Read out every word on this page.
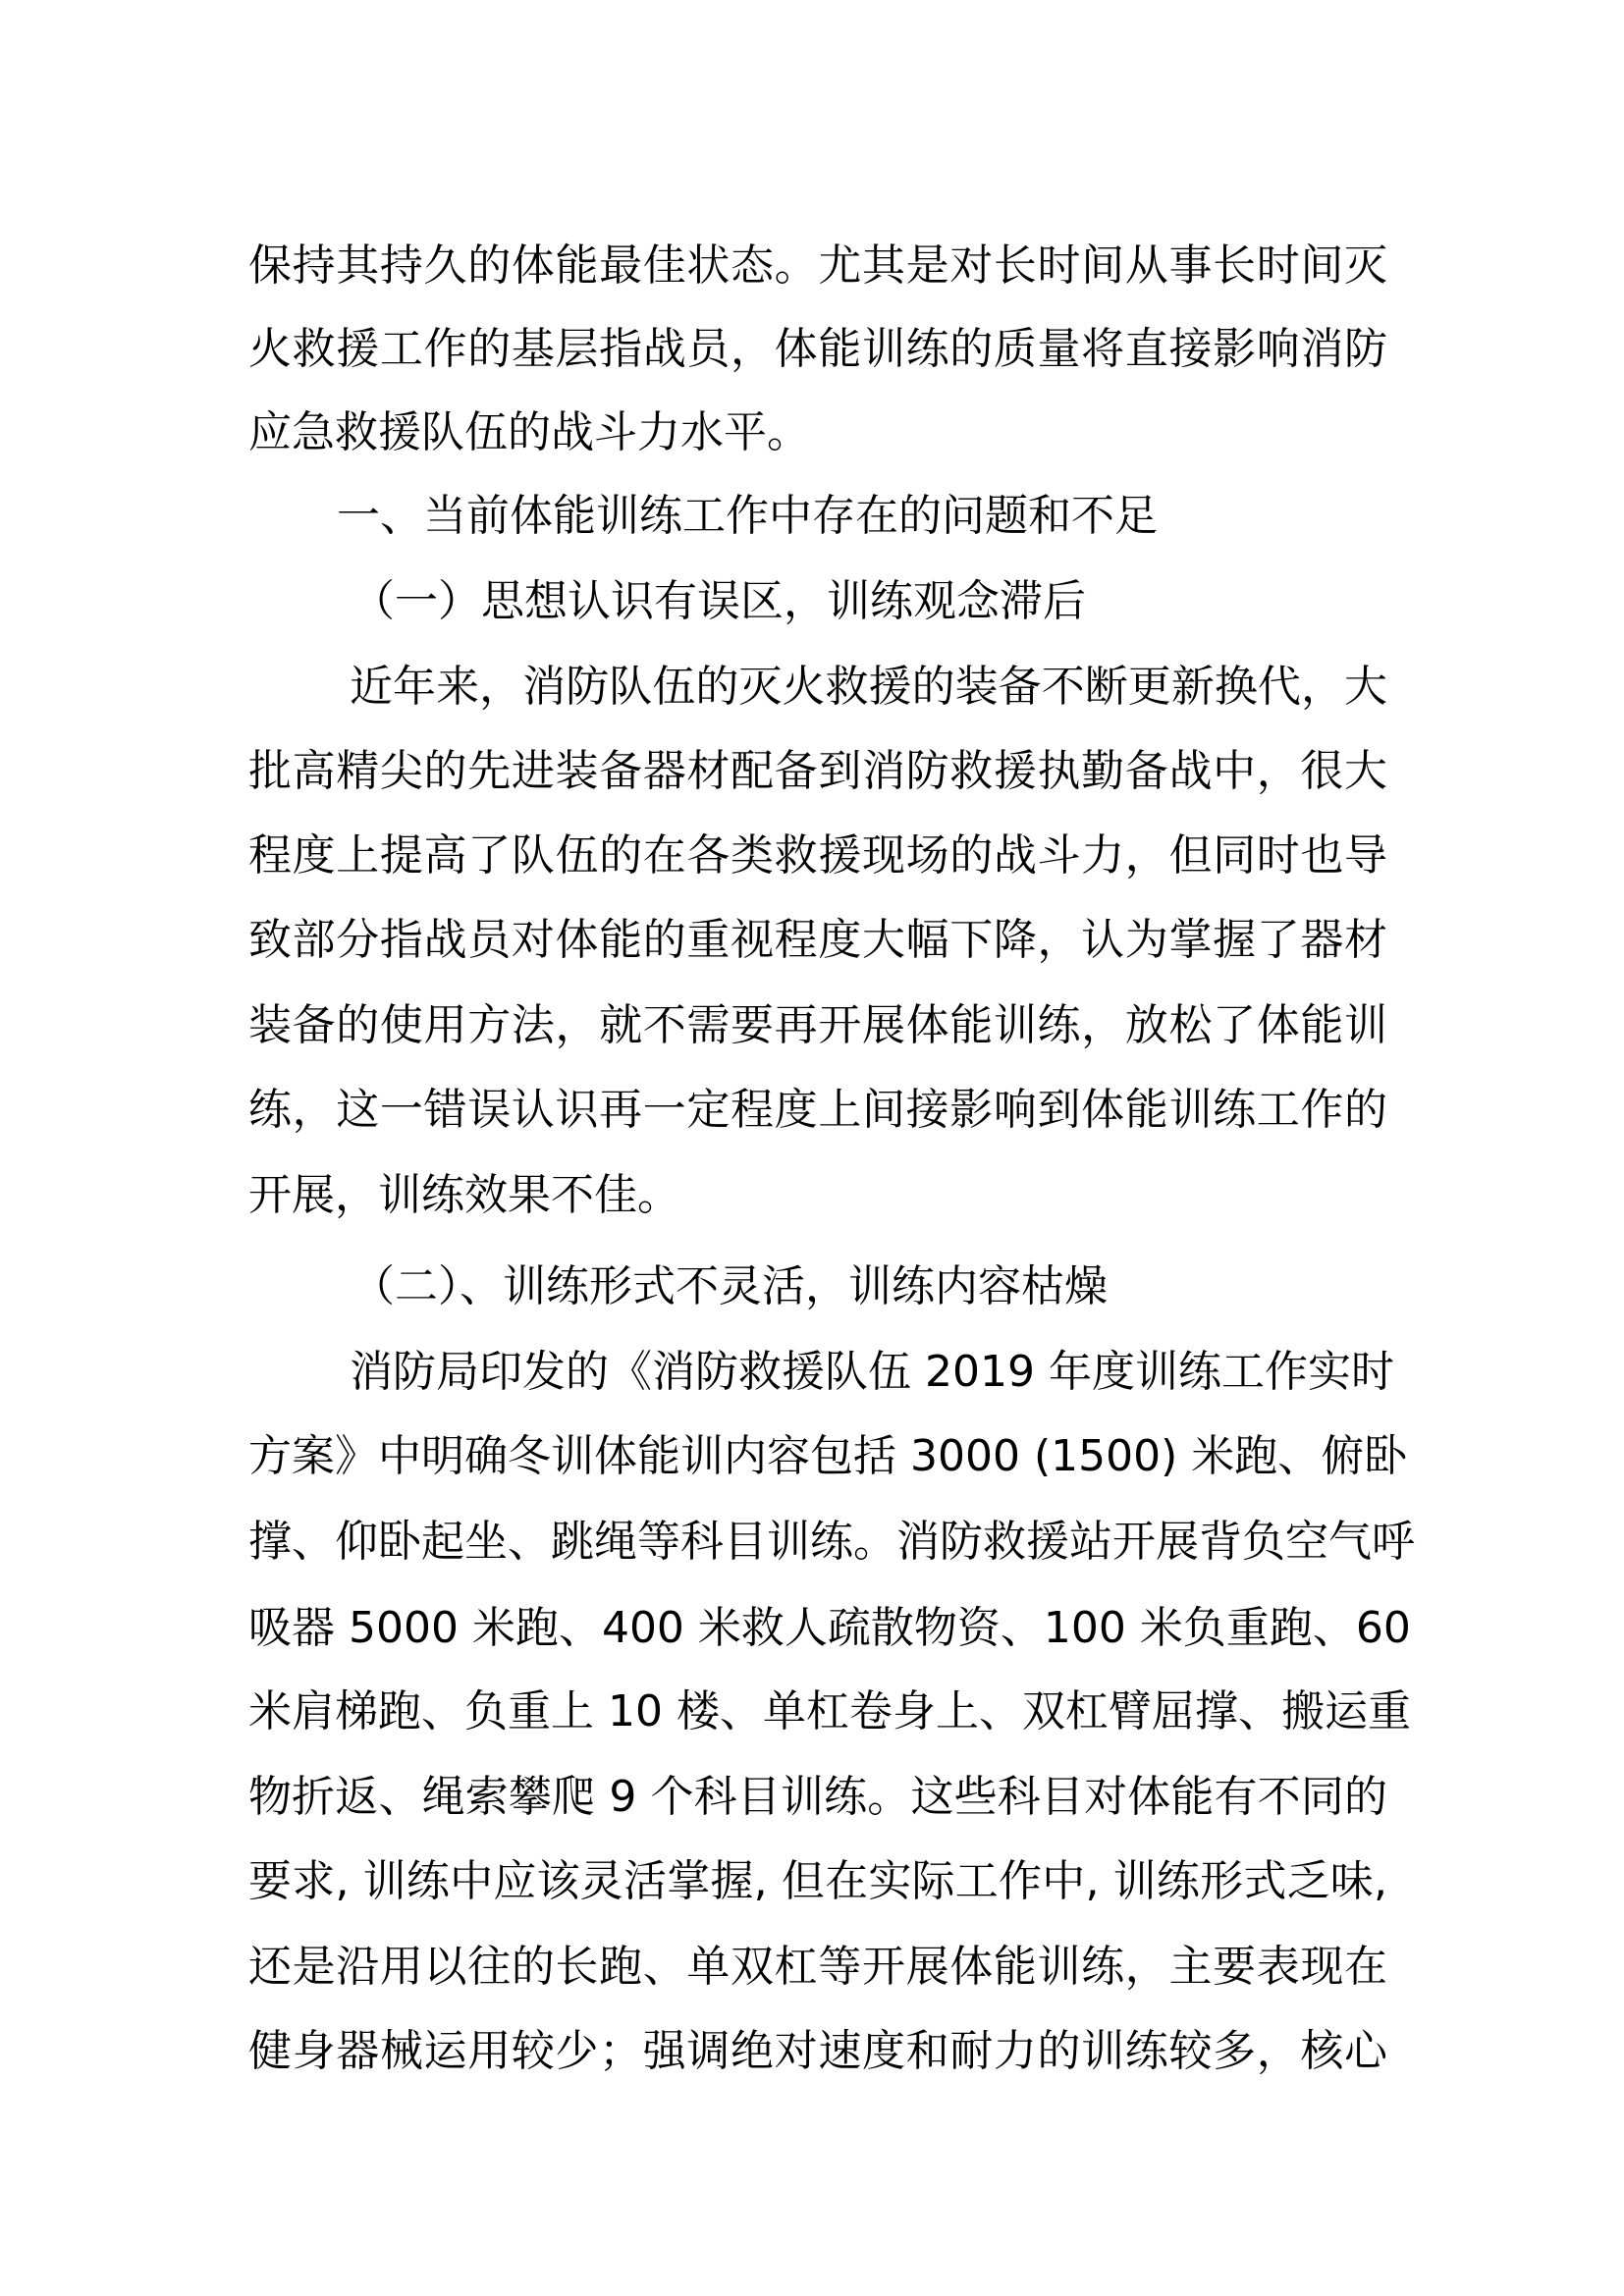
保持其持久的体能最佳状态。尤其是对长时间从事长时间灭
火救援工作的基层指战员，体能训练的质量将直接影响消防
应急救援队伍的战斗力水平。
一、当前体能训练工作中存在的问题和不足
（一）思想认识有误区，训练观念滞后
近年来，消防队伍的灭火救援的装备不断更新换代，大
批高精尖的先进装备器材配备到消防救援执勤备战中，很大
程度上提高了队伍的在各类救援现场的战斗力，但同时也导
致部分指战员对体能的重视程度大幅下降，认为掌握了器材
装备的使用方法，就不需要再开展体能训练，放松了体能训
练，这一错误认识再一定程度上间接影响到体能训练工作的
开展，训练效果不佳。
（二）、训练形式不灵活，训练内容枯燥
消防局印发的《消防救援队伍 2019 年度训练工作实时
方案》中明确冬训体能训内容包括 3000 (1500) 米跑、俯卧
撑、仰卧起坐、跳绳等科目训练。消防救援站开展背负空气呼
吸器 5000 米跑、400 米救人疏散物资、100 米负重跑、60
米肩梯跑、负重上 10 楼、单杠卷身上、双杠臂屈撑、搬运重
物折返、绳索攀爬 9 个科目训练。这些科目对体能有不同的
要求, 训练中应该灵活掌握, 但在实际工作中, 训练形式乏味,
还是沿用以往的长跑、单双杠等开展体能训练，主要表现在
健身器械运用较少；强调绝对速度和耐力的训练较多，核心
